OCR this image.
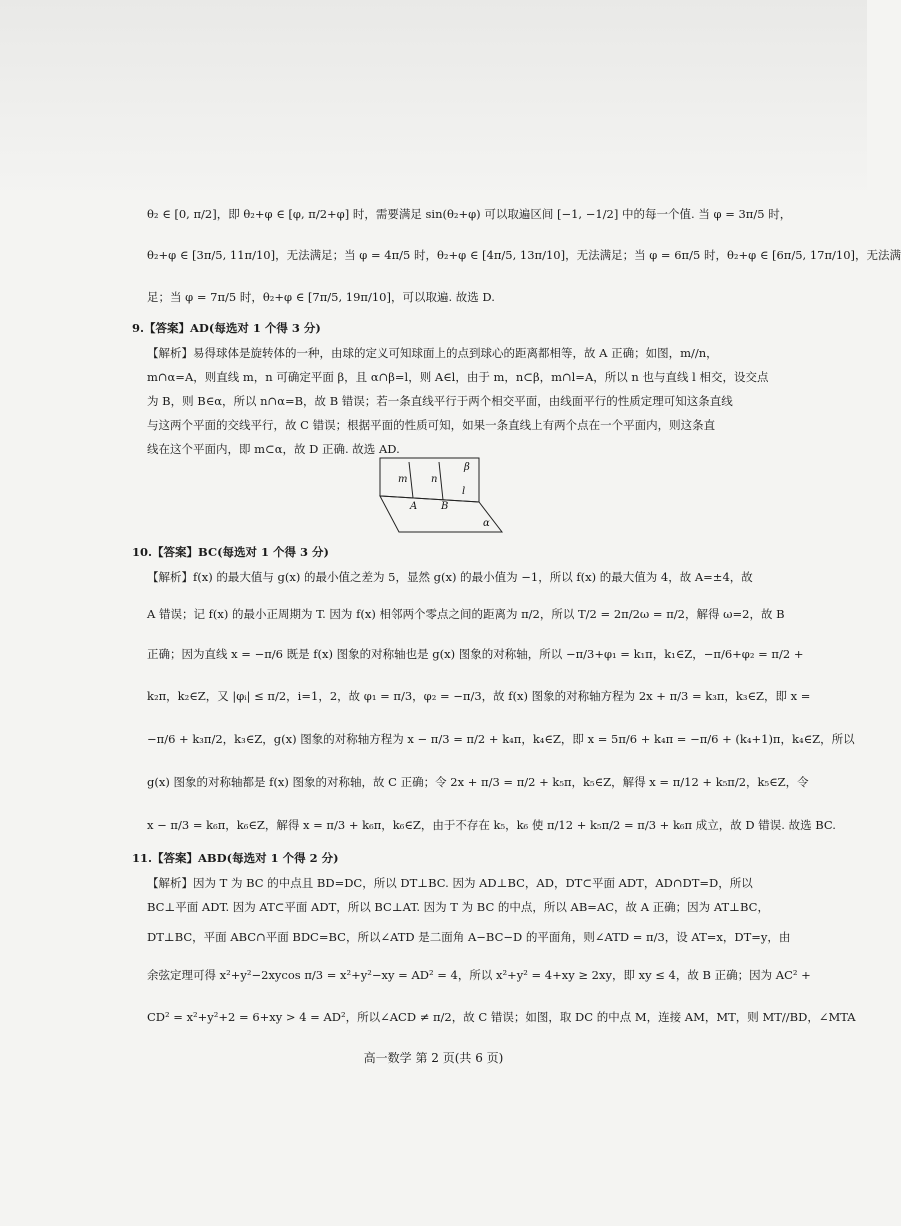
θ₂ ∈ [0, π/2]，即 θ₂+φ ∈ [φ, π/2+φ] 时，需要满足 sin(θ₂+φ) 可以取遍区间 [−1, −1/2] 中的每一个值. 当 φ = 3π/5 时，
θ₂+φ ∈ [3π/5, 11π/10]，无法满足；当 φ = 4π/5 时，θ₂+φ ∈ [4π/5, 13π/10]，无法满足；当 φ = 6π/5 时，θ₂+φ ∈ [6π/5, 17π/10]，无法满
足；当 φ = 7π/5 时，θ₂+φ ∈ [7π/5, 19π/10]，可以取遍. 故选 D.
9.【答案】AD(每选对 1 个得 3 分)
【解析】易得球体是旋转体的一种，由球的定义可知球面上的点到球心的距离都相等，故 A 正确；如图，m//n，
m∩α=A，则直线 m，n 可确定平面 β，且 α∩β=l，则 A∈l，由于 m，n⊂β，m∩l=A，所以 n 也与直线 l 相交，设交点
为 B，则 B∈α，所以 n∩α=B，故 B 错误；若一条直线平行于两个相交平面，由线面平行的性质定理可知这条直线
与这两个平面的交线平行，故 C 错误；根据平面的性质可知，如果一条直线上有两个点在一个平面内，则这条直
线在这个平面内，即 m⊂α，故 D 正确. 故选 AD.
m n
β
l
A B
α
10.【答案】BC(每选对 1 个得 3 分)
【解析】f(x) 的最大值与 g(x) 的最小值之差为 5，显然 g(x) 的最小值为 −1，所以 f(x) 的最大值为 4，故 A=±4，故
A 错误；记 f(x) 的最小正周期为 T. 因为 f(x) 相邻两个零点之间的距离为 π/2，所以 T/2 = 2π/2ω = π/2，解得 ω=2，故 B
正确；因为直线 x = −π/6 既是 f(x) 图象的对称轴也是 g(x) 图象的对称轴，所以 −π/3+φ₁ = k₁π，k₁∈Z，−π/6+φ₂ = π/2 +
k₂π，k₂∈Z，又 |φᵢ| ≤ π/2，i=1，2，故 φ₁ = π/3，φ₂ = −π/3，故 f(x) 图象的对称轴方程为 2x + π/3 = k₃π，k₃∈Z，即 x =
−π/6 + k₃π/2，k₃∈Z，g(x) 图象的对称轴方程为 x − π/3 = π/2 + k₄π，k₄∈Z，即 x = 5π/6 + k₄π = −π/6 + (k₄+1)π，k₄∈Z，所以
g(x) 图象的对称轴都是 f(x) 图象的对称轴，故 C 正确；令 2x + π/3 = π/2 + k₅π，k₅∈Z，解得 x = π/12 + k₅π/2，k₅∈Z，令
x − π/3 = k₆π，k₆∈Z，解得 x = π/3 + k₆π，k₆∈Z，由于不存在 k₅，k₆ 使 π/12 + k₅π/2 = π/3 + k₆π 成立，故 D 错误. 故选 BC.
11.【答案】ABD(每选对 1 个得 2 分)
【解析】因为 T 为 BC 的中点且 BD=DC，所以 DT⊥BC. 因为 AD⊥BC，AD，DT⊂平面 ADT，AD∩DT=D，所以
BC⊥平面 ADT. 因为 AT⊂平面 ADT，所以 BC⊥AT. 因为 T 为 BC 的中点，所以 AB=AC，故 A 正确；因为 AT⊥BC，
DT⊥BC，平面 ABC∩平面 BDC=BC，所以∠ATD 是二面角 A−BC−D 的平面角，则∠ATD = π/3，设 AT=x，DT=y，由
余弦定理可得 x²+y²−2xycos π/3 = x²+y²−xy = AD² = 4，所以 x²+y² = 4+xy ≥ 2xy，即 xy ≤ 4，故 B 正确；因为 AC² +
CD² = x²+y²+2 = 6+xy > 4 = AD²，所以∠ACD ≠ π/2，故 C 错误；如图，取 DC 的中点 M，连接 AM，MT，则 MT//BD，∠MTA
高一数学 第 2 页(共 6 页)
